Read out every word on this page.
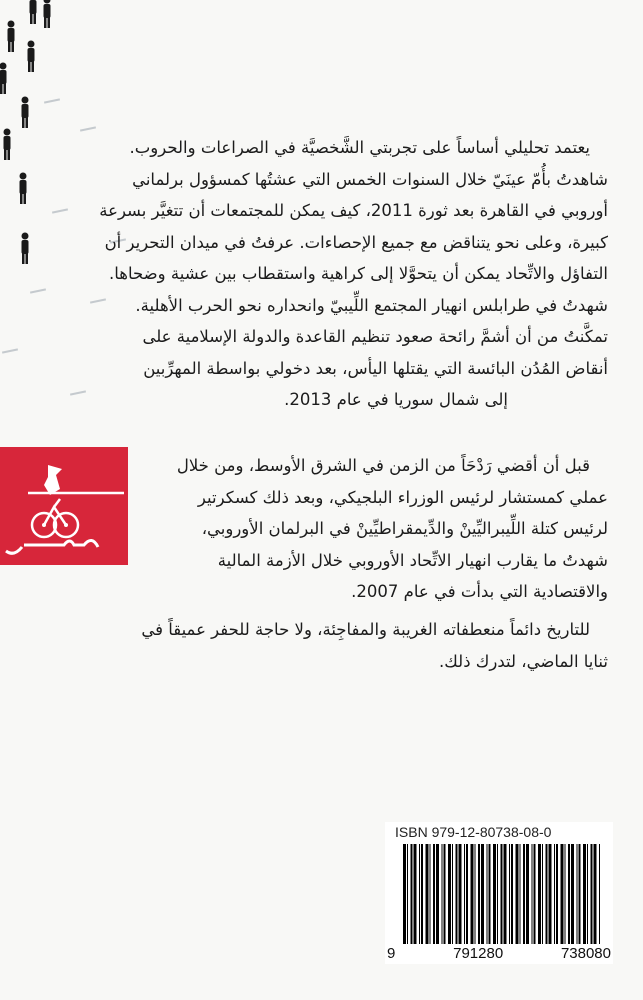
يعتمد تحليلي أساساً على تجربتي الشَّخصيَّة في الصراعات والحروب.
شاهدتُ بأُمّ عينَيّ خلال السنوات الخمس التي عشتُها كمسؤول برلماني
أوروبي في القاهرة بعد ثورة 2011، كيف يمكن للمجتمعات أن تتغيَّر بسرعة
كبيرة، وعلى نحو يتناقض مع جميع الإحصاءات. عرفتُ في ميدان التحرير أن
التفاؤل والاتِّحاد يمكن أن يتحوَّلا إلى كراهية واستقطاب بين عشية وضحاها.
شهدتُ في طرابلس انهيار المجتمع اللِّيبيّ وانحداره نحو الحرب الأهلية.
تمكَّنتُ من أن أشمَّ رائحة صعود تنظيم القاعدة والدولة الإسلامية على
أنقاض المُدُن البائسة التي يقتلها اليأس، بعد دخولي بواسطة المهرِّبين
إلى شمال سوريا في عام 2013.
قبل أن أقضي رَدْحَاً من الزمن في الشرق الأوسط، ومن خلال
عملي كمستشار لرئيس الوزراء البلجيكي، وبعد ذلك كسكرتير
لرئيس كتلة اللِّيبراليِّينْ والدِّيمقراطيِّينْ في البرلمان الأوروبي،
شهدتُ ما يقارب انهيار الاتِّحاد الأوروبي خلال الأزمة المالية
والاقتصادية التي بدأت في عام 2007.
للتاريخ دائماً منعطفاته الغريبة والمفاجِئة، ولا حاجة للحفر عميقاً في
ثنايا الماضي، لتدرك ذلك.
ISBN 979-12-80738-08-0
9	791280	738080
